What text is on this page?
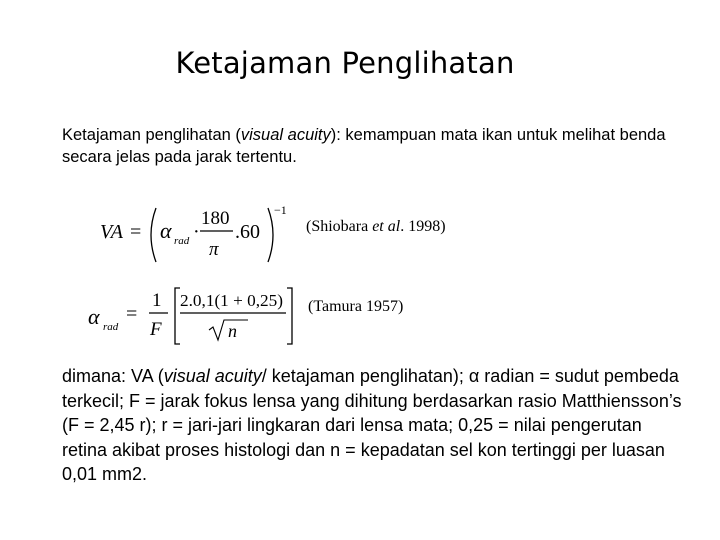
Ketajaman Penglihatan
Ketajaman penglihatan (visual acuity): kemampuan mata ikan untuk melihat benda secara jelas pada jarak tertentu.
VA = α rad ·
180
π
.60
−1
(Shiobara et al. 1998)
α rad
=
1
F
2.0,1(1 + 0,25)
n
(Tamura 1957)
dimana: VA (visual acuity/ ketajaman penglihatan); α radian = sudut pembeda terkecil; F = jarak fokus lensa yang dihitung berdasarkan rasio Matthiensson’s (F = 2,45 r); r = jari-jari lingkaran dari lensa mata; 0,25 = nilai pengerutan retina akibat proses histologi dan n = kepadatan sel kon tertinggi per luasan 0,01 mm2.
